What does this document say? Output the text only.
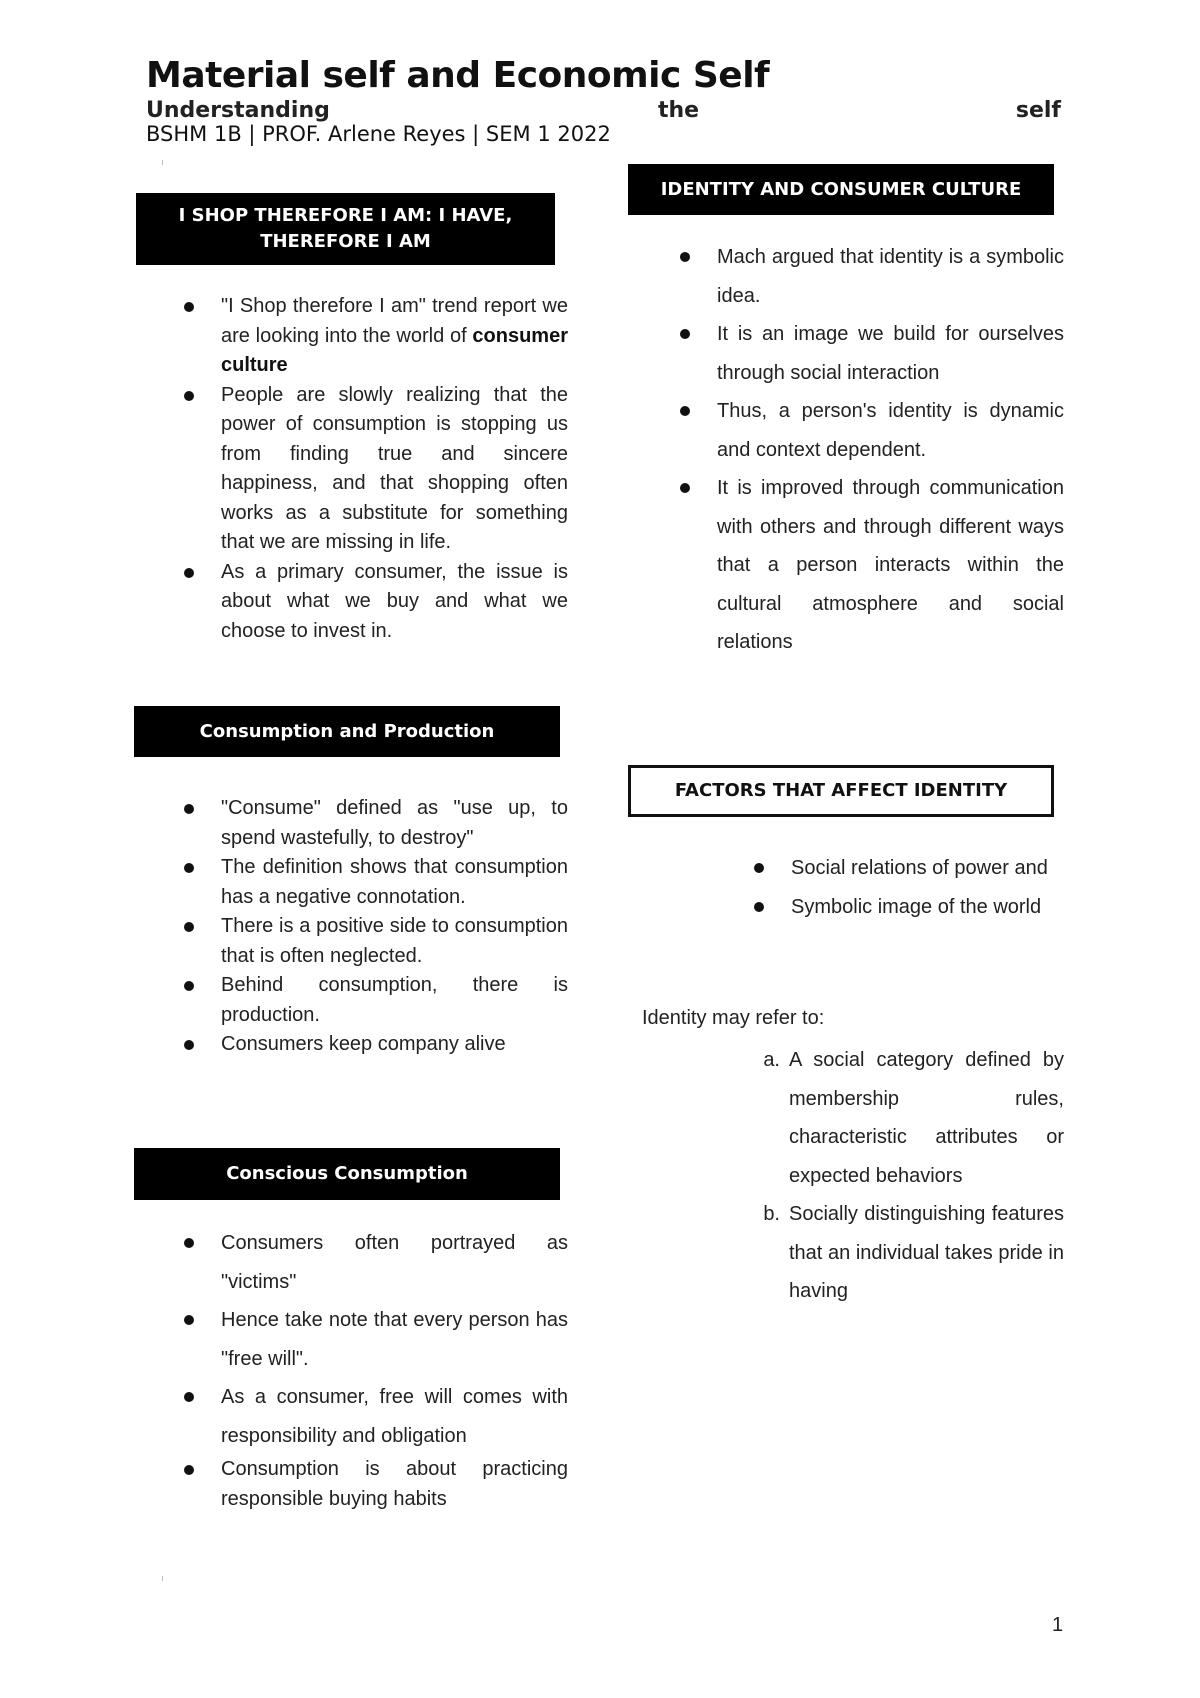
Material self and Economic Self
Understanding	the	self
BSHM 1B | PROF. Arlene Reyes | SEM 1 2022
I SHOP THEREFORE I AM: I HAVE,
THEREFORE I AM
"I Shop therefore I am" trend report we are looking into the world of consumer culture
People are slowly realizing that the power of consumption is stopping us from finding true and sincere happiness, and that shopping often works as a substitute for something that we are missing in life.
As a primary consumer, the issue is about what we buy and what we choose to invest in.
Consumption and Production
"Consume" defined as "use up, to spend wastefully, to destroy"
The definition shows that consumption has a negative connotation.
There is a positive side to consumption that is often neglected.
Behind consumption, there is production.
Consumers keep company alive
Conscious Consumption
Consumers often portrayed as "victims"
Hence take note that every person has "free will".
As a consumer, free will comes with responsibility and obligation
Consumption is about practicing responsible buying habits
IDENTITY AND CONSUMER CULTURE
Mach argued that identity is a symbolic idea.
It is an image we build for ourselves through social interaction
Thus, a person's identity is dynamic and context dependent.
It is improved through communication with others and through different ways that a person interacts within the cultural atmosphere and social relations
FACTORS THAT AFFECT IDENTITY
Social relations of power and
Symbolic image of the world
Identity may refer to:
a. A social category defined by membership rules, characteristic attributes or expected behaviors
b. Socially distinguishing features that an individual takes pride in having
1
